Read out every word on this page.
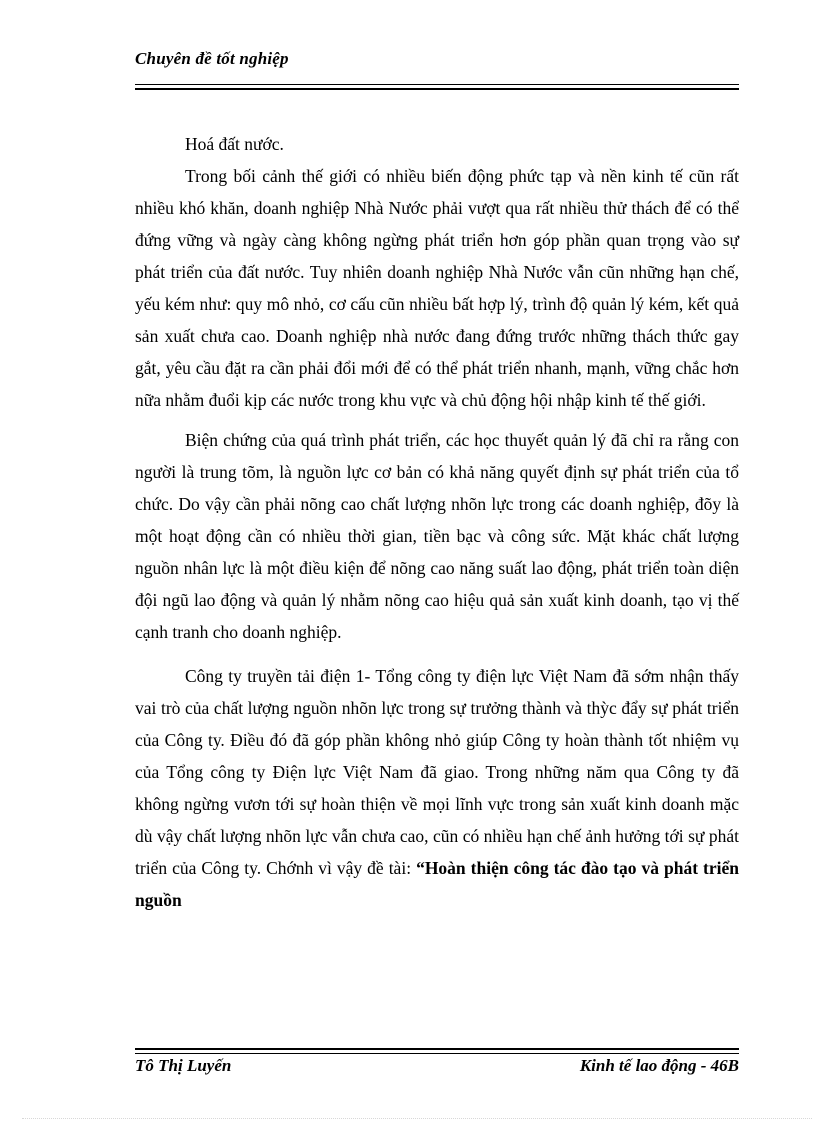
Chuyên đề tốt nghiệp

Hoá đất nước.

Trong bối cảnh thế giới có nhiều biến động phức tạp và nền kinh tế cũn rất nhiều khó khăn, doanh nghiệp Nhà Nước phải vượt qua rất nhiều thử thách để có thể đứng vững và ngày càng không ngừng phát triển hơn góp phần quan trọng vào sự phát triển của đất nước. Tuy nhiên doanh nghiệp Nhà Nước vẫn cũn những hạn chế, yếu kém như: quy mô nhỏ, cơ cấu cũn nhiều bất hợp lý, trình độ quản lý kém, kết quả sản xuất chưa cao. Doanh nghiệp nhà nước đang đứng trước những thách thức gay gắt, yêu cầu đặt ra cần phải đổi mới để có thể phát triển nhanh, mạnh, vững chắc hơn nữa nhằm đuổi kịp các nước trong khu vực và chủ động hội nhập kinh tế thế giới.

Biện chứng của quá trình phát triển, các học thuyết quản lý đã chỉ ra rằng con người là trung tõm, là nguồn lực cơ bản có khả năng quyết định sự phát triển của tổ chức. Do vậy cần phải nõng cao chất lượng nhõn lực trong các doanh nghiệp, đõy là một hoạt động cần có nhiều thời gian, tiền bạc và công sức. Mặt khác chất lượng nguồn nhân lực là một điều kiện để nõng cao năng suất lao động, phát triển toàn diện đội ngũ lao động và quản lý nhằm nõng cao hiệu quả sản xuất kinh doanh, tạo vị thế cạnh tranh cho doanh nghiệp.

Công ty truyền tải điện 1- Tổng công ty điện lực Việt Nam đã sớm nhận thấy vai trò của chất lượng nguồn nhõn lực trong sự trưởng thành và thỳc đẩy sự phát triển của Công ty. Điều đó đã góp phần không nhỏ giúp Công ty hoàn thành tốt nhiệm vụ của Tổng công ty Điện lực Việt Nam đã giao. Trong những năm qua Công ty đã không ngừng vươn tới sự hoàn thiện về mọi lĩnh vực trong sản xuất kinh doanh mặc dù vậy chất lượng nhõn lực vẫn chưa cao, cũn có nhiều hạn chế ảnh hưởng tới sự phát triển của Công ty. Chớnh vì vậy đề tài: “Hoàn thiện công tác đào tạo và phát triển nguồn

Tô Thị Luyến	Kinh tế lao động - 46B
